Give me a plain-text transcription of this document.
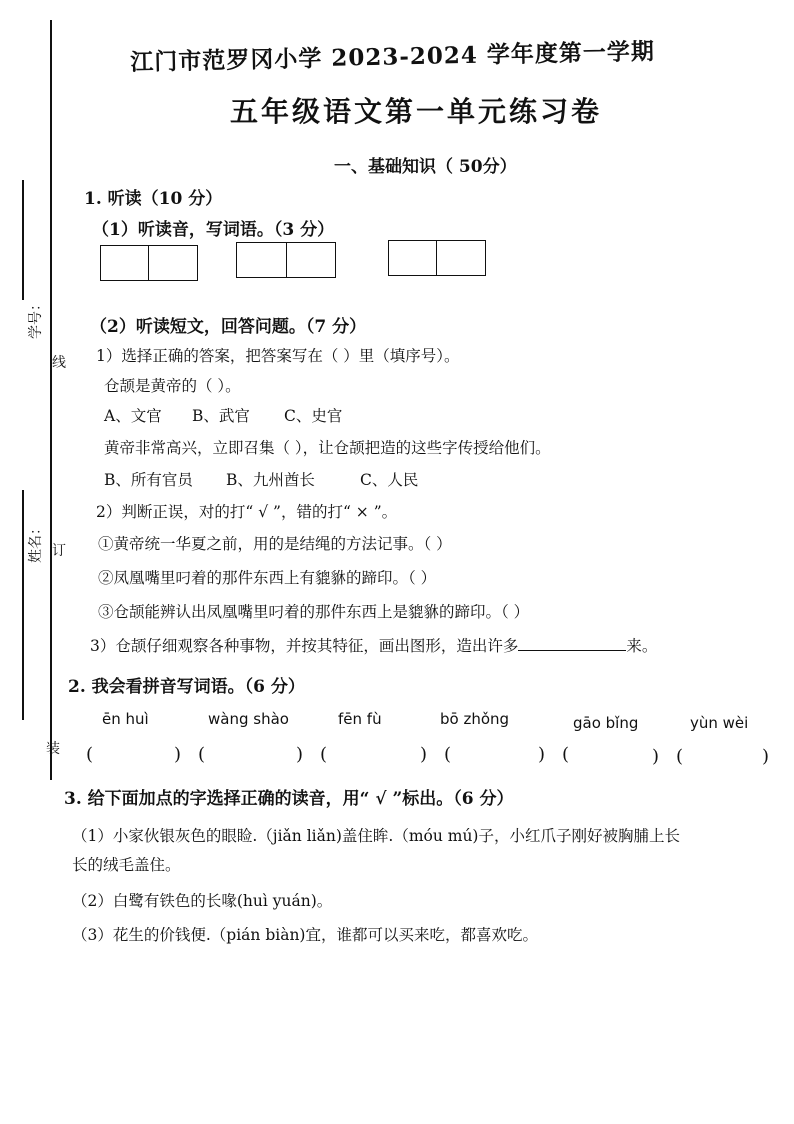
学号：
线
姓名： 订
装
江门市范罗冈小学 2023-2024 学年度第一学期
五年级语文第一单元练习卷
一、基础知识（ 50分）
1. 听读（10 分）
（1）听读音，写词语。（3 分）
（2）听读短文，回答问题。（7 分）
1）选择正确的答案，把答案写在（ ）里（填序号）。
仓颉是黄帝的（ ）。
A、文官 B、武官 C、史官
黄帝非常高兴，立即召集（ ），让仓颉把造的这些字传授给他们。
B、所有官员 B、九州酋长	C、人民
2）判断正误，对的打“ √ ”，错的打“ × ”。
①黄帝统一华夏之前，用的是结绳的方法记事。（ ）
②凤凰嘴里叼着的那件东西上有貔貅的蹄印。（ ）
③仓颉能辨认出凤凰嘴里叼着的那件东西上是貔貅的蹄印。（ ）
3）仓颉仔细观察各种事物，并按其特征，画出图形，造出许多	来。
2. 我会看拼音写词语。（6 分）
ēn huì	wàng shào	fēn fù	bō zhǒng	gāo bǐng	yùn wèi
(	) (	) (	) (	) (	) (	)
3. 给下面加点的字选择正确的读音，用“ √ ”标出。（6 分）
（1）小家伙银灰色的眼睑.（jiǎn liǎn)盖住眸.（móu mú)子，小红爪子刚好被胸脯上长
长的绒毛盖住。
（2）白鹭有铁色的长喙(huì yuán)。
（3）花生的价钱便.（pián biàn)宜，谁都可以买来吃，都喜欢吃。
